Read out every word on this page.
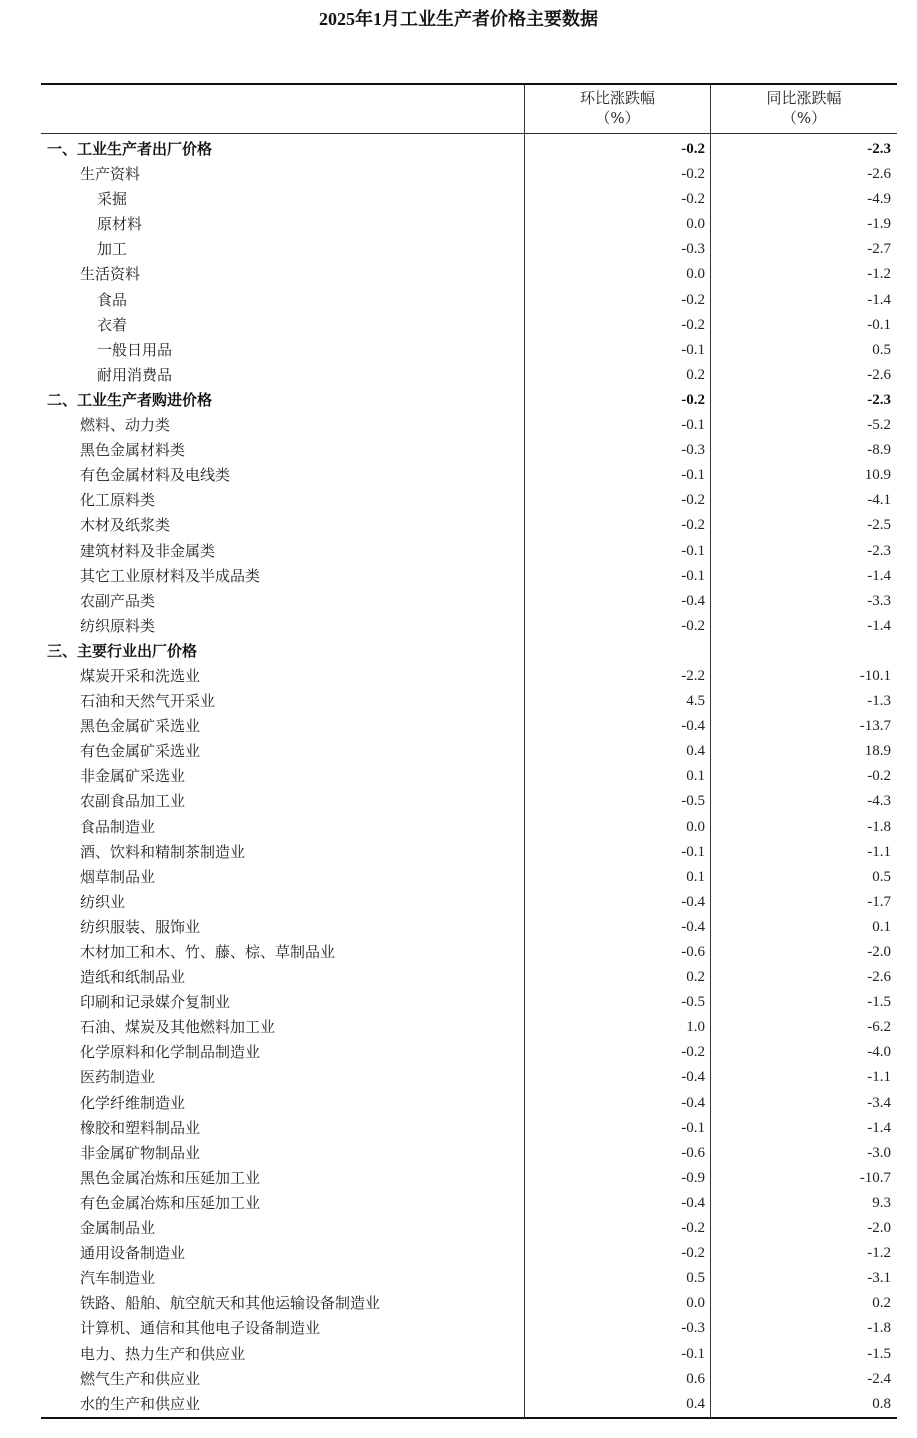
2025年1月工业生产者价格主要数据
环比涨跌幅
（%）
同比涨跌幅
（%）
一、工业生产者出厂价格	-0.2	-2.3
生产资料	-0.2	-2.6
采掘	-0.2	-4.9
原材料	0.0	-1.9
加工	-0.3	-2.7
生活资料	0.0	-1.2
食品	-0.2	-1.4
衣着	-0.2	-0.1
一般日用品	-0.1	0.5
耐用消费品	0.2	-2.6
二、工业生产者购进价格	-0.2	-2.3
燃料、动力类	-0.1	-5.2
黑色金属材料类	-0.3	-8.9
有色金属材料及电线类	-0.1	10.9
化工原料类	-0.2	-4.1
木材及纸浆类	-0.2	-2.5
建筑材料及非金属类	-0.1	-2.3
其它工业原材料及半成品类	-0.1	-1.4
农副产品类	-0.4	-3.3
纺织原料类	-0.2	-1.4
三、主要行业出厂价格
煤炭开采和洗选业	-2.2	-10.1
石油和天然气开采业	4.5	-1.3
黑色金属矿采选业	-0.4	-13.7
有色金属矿采选业	0.4	18.9
非金属矿采选业	0.1	-0.2
农副食品加工业	-0.5	-4.3
食品制造业	0.0	-1.8
酒、饮料和精制茶制造业	-0.1	-1.1
烟草制品业	0.1	0.5
纺织业	-0.4	-1.7
纺织服装、服饰业	-0.4	0.1
木材加工和木、竹、藤、棕、草制品业	-0.6	-2.0
造纸和纸制品业	0.2	-2.6
印刷和记录媒介复制业	-0.5	-1.5
石油、煤炭及其他燃料加工业	1.0	-6.2
化学原料和化学制品制造业	-0.2	-4.0
医药制造业	-0.4	-1.1
化学纤维制造业	-0.4	-3.4
橡胶和塑料制品业	-0.1	-1.4
非金属矿物制品业	-0.6	-3.0
黑色金属冶炼和压延加工业	-0.9	-10.7
有色金属冶炼和压延加工业	-0.4	9.3
金属制品业	-0.2	-2.0
通用设备制造业	-0.2	-1.2
汽车制造业	0.5	-3.1
铁路、船舶、航空航天和其他运输设备制造业	0.0	0.2
计算机、通信和其他电子设备制造业	-0.3	-1.8
电力、热力生产和供应业	-0.1	-1.5
燃气生产和供应业	0.6	-2.4
水的生产和供应业	0.4	0.8
